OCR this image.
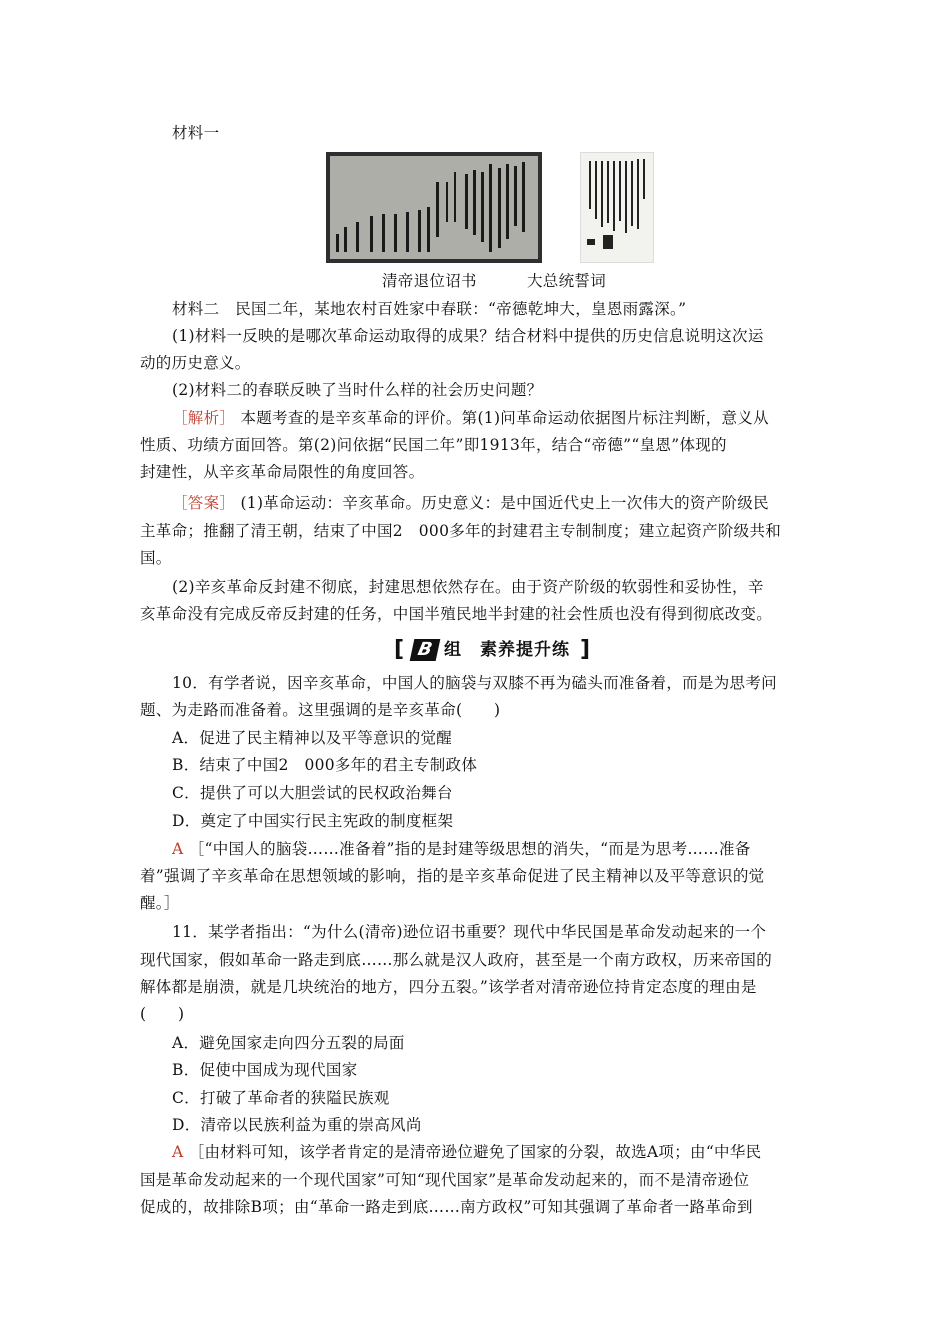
材料一
清帝退位诏书	大总统誓词
材料二　民国二年，某地农村百姓家中春联：“帝德乾坤大，皇恩雨露深。”
(1)材料一反映的是哪次革命运动取得的成果？结合材料中提供的历史信息说明这次运
动的历史意义。
(2)材料二的春联反映了当时什么样的社会历史问题？
［解析］ 本题考查的是辛亥革命的评价。第(1)问革命运动依据图片标注判断，意义从
性质、功绩方面回答。第(2)问依据“民国二年”即1913年，结合“帝德”“皇恩”体现的
封建性，从辛亥革命局限性的角度回答。
［答案］ (1)革命运动：辛亥革命。历史意义：是中国近代史上一次伟大的资产阶级民
主革命；推翻了清王朝，结束了中国2　000多年的封建君主专制制度；建立起资产阶级共和
国。
(2)辛亥革命反封建不彻底，封建思想依然存在。由于资产阶级的软弱性和妥协性，辛
亥革命没有完成反帝反封建的任务，中国半殖民地半封建的社会性质也没有得到彻底改变。
[ B 组　素养提升练 ]
10．有学者说，因辛亥革命，中国人的脑袋与双膝不再为磕头而准备着，而是为思考问
题、为走路而准备着。这里强调的是辛亥革命(　　)
A．促进了民主精神以及平等意识的觉醒
B．结束了中国2　000多年的君主专制政体
C．提供了可以大胆尝试的民权政治舞台
D．奠定了中国实行民主宪政的制度框架
A ［“中国人的脑袋……准备着”指的是封建等级思想的消失，“而是为思考……准备
着”强调了辛亥革命在思想领域的影响，指的是辛亥革命促进了民主精神以及平等意识的觉
醒。］
11．某学者指出：“为什么(清帝)逊位诏书重要？现代中华民国是革命发动起来的一个
现代国家，假如革命一路走到底……那么就是汉人政府，甚至是一个南方政权，历来帝国的
解体都是崩溃，就是几块统治的地方，四分五裂。”该学者对清帝逊位持肯定态度的理由是
(　　)
A．避免国家走向四分五裂的局面
B．促使中国成为现代国家
C．打破了革命者的狭隘民族观
D．清帝以民族利益为重的崇高风尚
A ［由材料可知，该学者肯定的是清帝逊位避免了国家的分裂，故选A项；由“中华民
国是革命发动起来的一个现代国家”可知“现代国家”是革命发动起来的，而不是清帝逊位
促成的，故排除B项；由“革命一路走到底……南方政权”可知其强调了革命者一路革命到
